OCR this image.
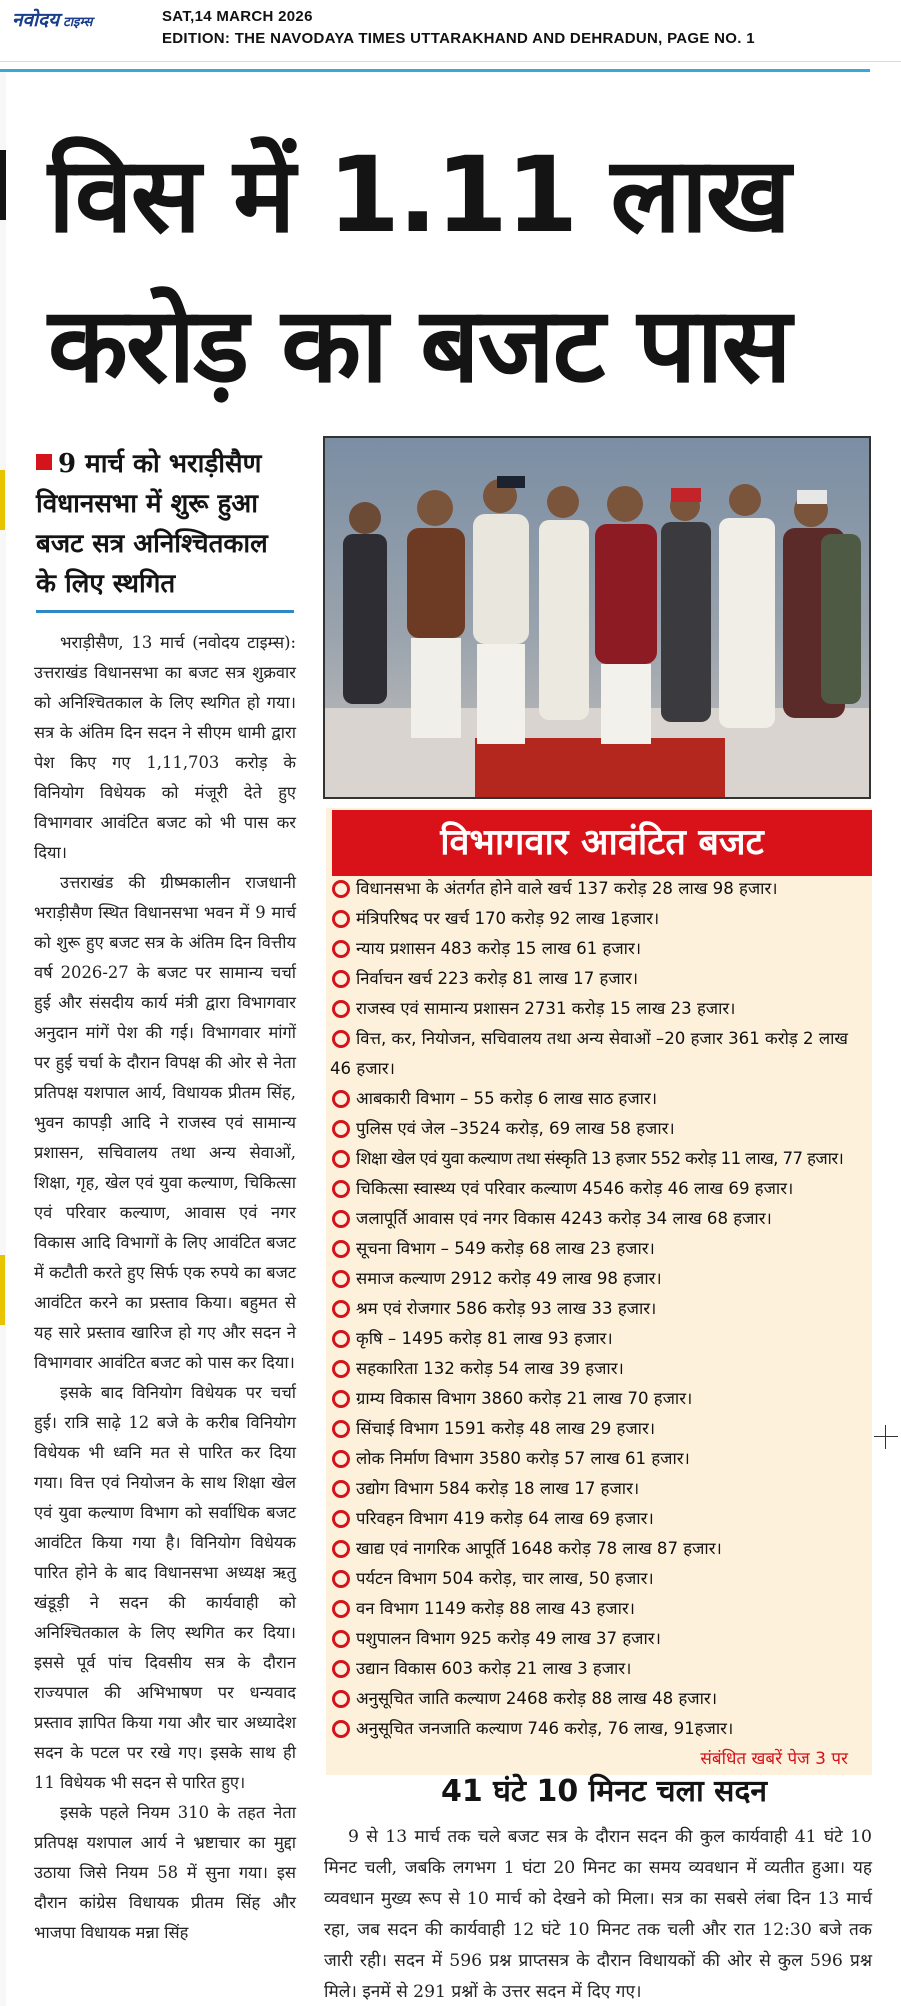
नवोदय टाइम्स	SAT,14 MARCH 2026
EDITION: THE NAVODAYA TIMES UTTARAKHAND AND DEHRADUN, PAGE NO. 1
विस में 1.11 लाख
करोड़ का बजट पास
9 मार्च को भराड़ीसैण विधानसभा में शुरू हुआ बजट सत्र अनिश्चितकाल के लिए स्थगित

भराड़ीसैण, 13 मार्च (नवोदय टाइम्स): उत्तराखंड विधानसभा का बजट सत्र शुक्रवार को अनिश्चितकाल के लिए स्थगित हो गया। सत्र के अंतिम दिन सदन ने सीएम धामी द्वारा पेश किए गए 1,11,703 करोड़ के विनियोग विधेयक को मंजूरी देते हुए विभागवार आवंटित बजट को भी पास कर दिया।

उत्तराखंड की ग्रीष्मकालीन राजधानी भराड़ीसैण स्थित विधानसभा भवन में 9 मार्च को शुरू हुए बजट सत्र के अंतिम दिन वित्तीय वर्ष 2026-27 के बजट पर सामान्य चर्चा हुई और संसदीय कार्य मंत्री द्वारा विभागवार अनुदान मांगें पेश की गई। विभागवार मांगों पर हुई चर्चा के दौरान विपक्ष की ओर से नेता प्रतिपक्ष यशपाल आर्य, विधायक प्रीतम सिंह, भुवन कापड़ी आदि ने राजस्व एवं सामान्य प्रशासन, सचिवालय तथा अन्य सेवाओं, शिक्षा, गृह, खेल एवं युवा कल्याण, चिकित्सा एवं परिवार कल्याण, आवास एवं नगर विकास आदि विभागों के लिए आवंटित बजट में कटौती करते हुए सिर्फ एक रुपये का बजट आवंटित करने का प्रस्ताव किया। बहुमत से यह सारे प्रस्ताव खारिज हो गए और सदन ने विभागवार आवंटित बजट को पास कर दिया।

इसके बाद विनियोग विधेयक पर चर्चा हुई। रात्रि साढ़े 12 बजे के करीब विनियोग विधेयक भी ध्वनि मत से पारित कर दिया गया। वित्त एवं नियोजन के साथ शिक्षा खेल एवं युवा कल्याण विभाग को सर्वाधिक बजट आवंटित किया गया है। विनियोग विधेयक पारित होने के बाद विधानसभा अध्यक्ष ऋतु खंडूड़ी ने सदन की कार्यवाही को अनिश्चितकाल के लिए स्थगित कर दिया। इससे पूर्व पांच दिवसीय सत्र के दौरान राज्यपाल की अभिभाषण पर धन्यवाद प्रस्ताव ज्ञापित किया गया और चार अध्यादेश सदन के पटल पर रखे गए। इसके साथ ही 11 विधेयक भी सदन से पारित हुए।

इसके पहले नियम 310 के तहत नेता प्रतिपक्ष यशपाल आर्य ने भ्रष्टाचार का मुद्दा उठाया जिसे नियम 58 में सुना गया। इस दौरान कांग्रेस विधायक प्रीतम सिंह और भाजपा विधायक मन्ना सिंह

विभागवार आवंटित बजट
विधानसभा के अंतर्गत होने वाले खर्च 137 करोड़ 28 लाख 98 हजार।
मंत्रिपरिषद पर खर्च 170 करोड़ 92 लाख 1हजार।
न्याय प्रशासन 483 करोड़ 15 लाख 61 हजार।
निर्वाचन खर्च 223 करोड़ 81 लाख 17 हजार।
राजस्व एवं सामान्य प्रशासन 2731 करोड़ 15 लाख 23 हजार।
वित्त, कर, नियोजन, सचिवालय तथा अन्य सेवाओं –20 हजार 361 करोड़ 2 लाख 46 हजार।
आबकारी विभाग – 55 करोड़ 6 लाख साठ हजार।
पुलिस एवं जेल –3524 करोड़, 69 लाख 58 हजार।
शिक्षा खेल एवं युवा कल्याण तथा संस्कृति 13 हजार 552 करोड़ 11 लाख, 77 हजार।
चिकित्सा स्वास्थ्य एवं परिवार कल्याण 4546 करोड़ 46 लाख 69 हजार।
जलापूर्ति आवास एवं नगर विकास 4243 करोड़ 34 लाख 68 हजार।
सूचना विभाग – 549 करोड़ 68 लाख 23 हजार।
समाज कल्याण 2912 करोड़ 49 लाख 98 हजार।
श्रम एवं रोजगार 586 करोड़ 93 लाख 33 हजार।
कृषि – 1495 करोड़ 81 लाख 93 हजार।
सहकारिता 132 करोड़ 54 लाख 39 हजार।
ग्राम्य विकास विभाग 3860 करोड़ 21 लाख 70 हजार।
सिंचाई विभाग 1591 करोड़ 48 लाख 29 हजार।
लोक निर्माण विभाग 3580 करोड़ 57 लाख 61 हजार।
उद्योग विभाग 584 करोड़ 18 लाख 17 हजार।
परिवहन विभाग 419 करोड़ 64 लाख 69 हजार।
खाद्य एवं नागरिक आपूर्ति 1648 करोड़ 78 लाख 87 हजार।
पर्यटन विभाग 504 करोड़, चार लाख, 50 हजार।
वन विभाग 1149 करोड़ 88 लाख 43 हजार।
पशुपालन विभाग 925 करोड़ 49 लाख 37 हजार।
उद्यान विकास 603 करोड़ 21 लाख 3 हजार।
अनुसूचित जाति कल्याण 2468 करोड़ 88 लाख 48 हजार।
अनुसूचित जनजाति कल्याण 746 करोड़, 76 लाख, 91हजार।
संबंधित खबरें पेज 3 पर
41 घंटे 10 मिनट चला सदन
9 से 13 मार्च तक चले बजट सत्र के दौरान सदन की कुल कार्यवाही 41 घंटे 10 मिनट चली, जबकि लगभग 1 घंटा 20 मिनट का समय व्यवधान में व्यतीत हुआ। यह व्यवधान मुख्य रूप से 10 मार्च को देखने को मिला। सत्र का सबसे लंबा दिन 13 मार्च रहा, जब सदन की कार्यवाही 12 घंटे 10 मिनट तक चली और रात 12:30 बजे तक जारी रही। सदन में 596 प्रश्न प्राप्तसत्र के दौरान विधायकों की ओर से कुल 596 प्रश्न मिले। इनमें से 291 प्रश्नों के उत्तर सदन में दिए गए।
